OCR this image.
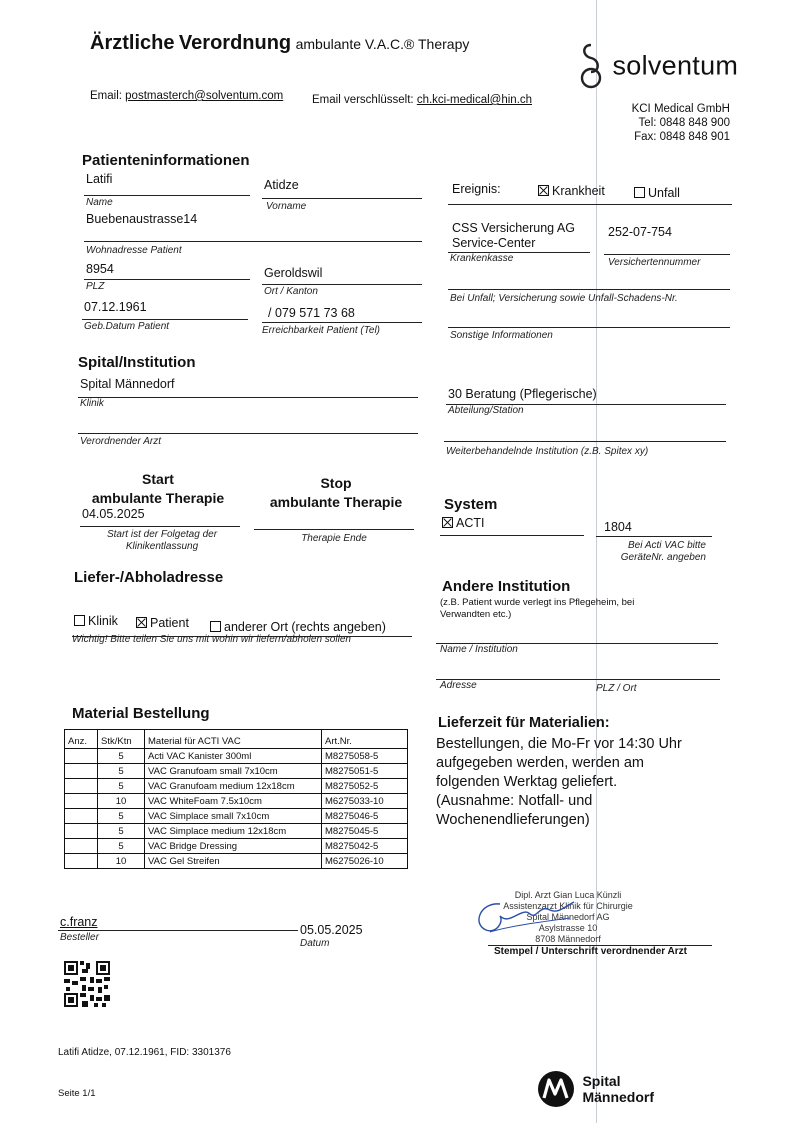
Ärztliche Verordnung ambulante V.A.C.® Therapy
solventum
Email: postmasterch@solventum.com	Email verschlüsselt: ch.kci-medical@hin.ch
KCI Medical GmbH
Tel: 0848 848 900
Fax: 0848 848 901
Patienteninformationen
Latifi
Name
Atidze
Vorname
Buebenaustrasse14
Wohnadresse Patient
8954
PLZ
Geroldswil
Ort / Kanton
07.12.1961
Geb.Datum Patient
/ 079 571 73 68
Erreichbarkeit Patient (Tel)
Ereignis:	Krankheit	Unfall
CSS Versicherung AG
Service-Center
Krankenkasse
252-07-754
Versichertennummer
Bei Unfall; Versicherung sowie Unfall-Schadens-Nr.
Sonstige Informationen
Spital/Institution
Spital Männedorf
Klinik
Verordnender Arzt
30 Beratung (Pflegerische)
Abteilung/Station
Weiterbehandelnde Institution (z.B. Spitex xy)
Start
ambulante Therapie
04.05.2025
Start ist der Folgetag der
Klinikentlassung
Stop
ambulante Therapie
Therapie Ende
System
ACTI	1804
Bei Acti VAC bitte
GeräteNr. angeben
Liefer-/Abholadresse
Klinik	Patient	anderer Ort (rechts angeben)
Wichtig! Bitte teilen Sie uns mit wohin wir liefern/abholen sollen
Andere Institution
(z.B. Patient wurde verlegt ins Pflegeheim, bei
Verwandten etc.)
Name / Institution
Adresse	PLZ / Ort
Material Bestellung
Anz.	Stk/Ktn	Material für ACTI VAC	Art.Nr.
	5	Acti VAC Kanister 300ml	M8275058-5
	5	VAC Granufoam small 7x10cm	M8275051-5
	5	VAC Granufoam medium 12x18cm	M8275052-5
	10	VAC WhiteFoam 7.5x10cm	M6275033-10
	5	VAC Simplace small 7x10cm	M8275046-5
	5	VAC Simplace medium 12x18cm	M8275045-5
	5	VAC Bridge Dressing	M8275042-5
	10	VAC Gel Streifen	M6275026-10
Lieferzeit für Materialien:
Bestellungen, die Mo-Fr vor 14:30 Uhr
aufgegeben werden, werden am
folgenden Werktag geliefert.
(Ausnahme: Notfall- und
Wochenendlieferungen)
c.franz
Besteller
05.05.2025
Datum
Dipl. Arzt Gian Luca Künzli
Assistenzarzt Klinik für Chirurgie
Spital Männedorf AG
Asylstrasse 10
8708 Männedorf
Stempel / Unterschrift verordnender Arzt
Latifi Atidze, 07.12.1961, FID: 3301376
Seite 1/1

Spital
Männedorf
